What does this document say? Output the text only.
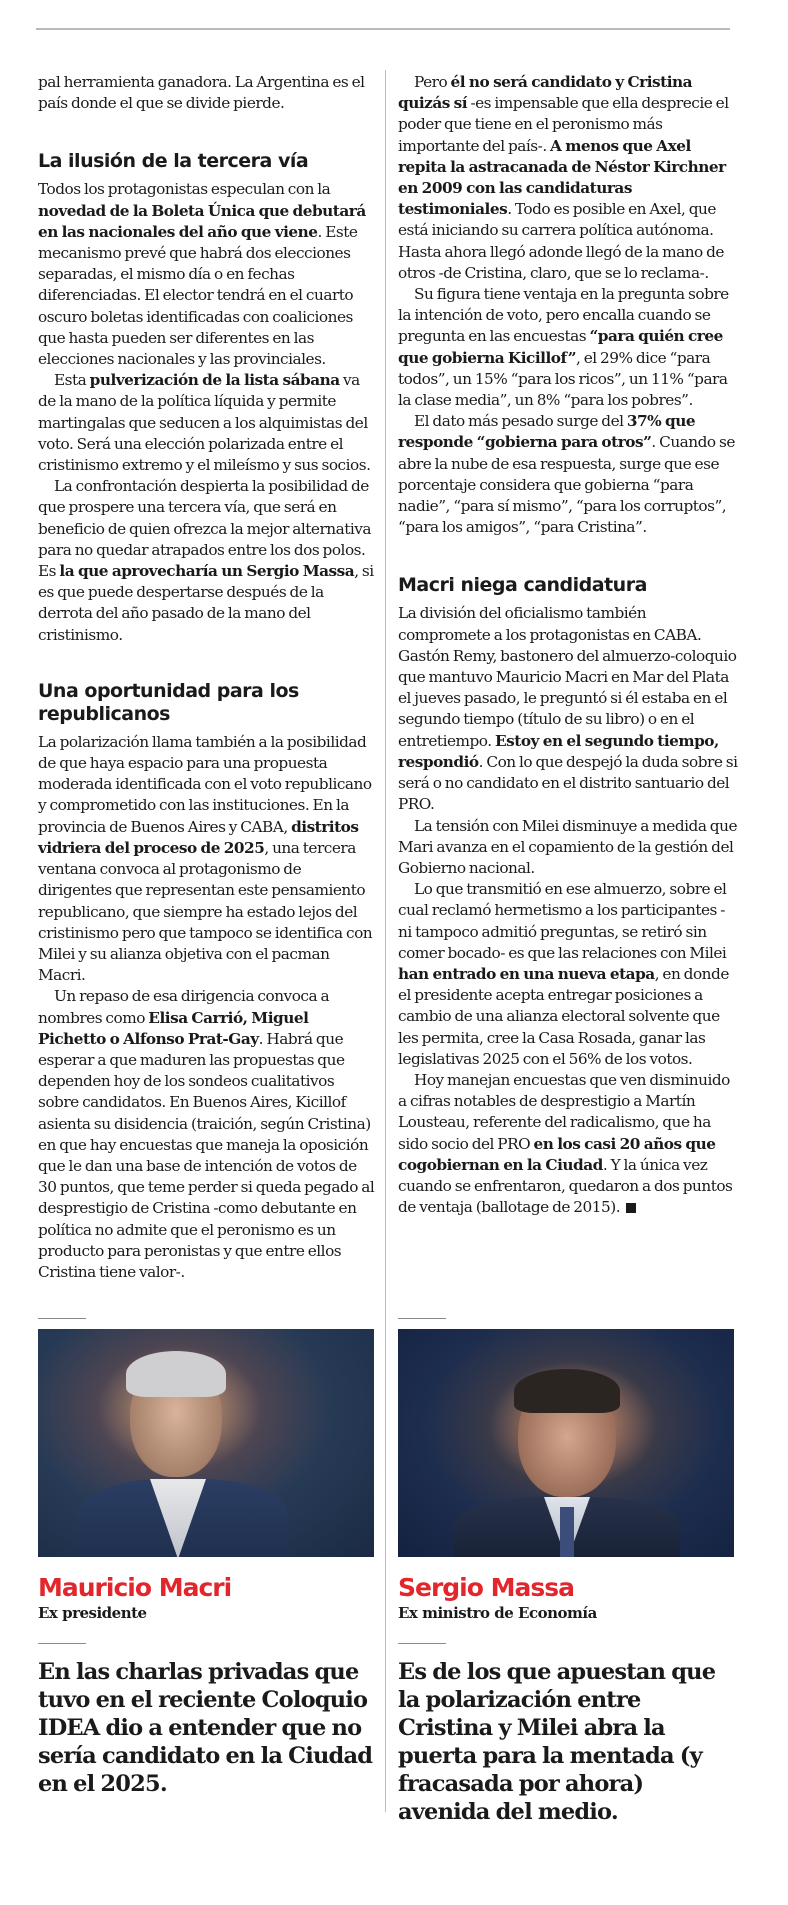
pal herramienta ganadora. La Argentina es el país donde el que se divide pierde.

La ilusión de la tercera vía

Todos los protagonistas especulan con la novedad de la Boleta Única que debutará en las nacionales del año que viene. Este mecanismo prevé que habrá dos elecciones separadas, el mismo día o en fechas diferenciadas. El elector tendrá en el cuarto oscuro boletas identificadas con coaliciones que hasta pueden ser diferentes en las elecciones nacionales y las provinciales.

Esta pulverización de la lista sábana va de la mano de la política líquida y permite martingalas que seducen a los alquimistas del voto. Será una elección polarizada entre el cristinismo extremo y el mileísmo y sus socios.

La confrontación despierta la posibilidad de que prospere una tercera vía, que será en beneficio de quien ofrezca la mejor alternativa para no quedar atrapados entre los dos polos.

Es la que aprovecharía un Sergio Massa, si es que puede despertarse después de la derrota del año pasado de la mano del cristinismo.

Una oportunidad para los republicanos

La polarización llama también a la posibilidad de que haya espacio para una propuesta moderada identificada con el voto republicano y comprometido con las instituciones. En la provincia de Buenos Aires y CABA, distritos vidriera del proceso de 2025, una tercera ventana convoca al protagonismo de dirigentes que representan este pensamiento republicano, que siempre ha estado lejos del cristinismo pero que tampoco se identifica con Milei y su alianza objetiva con el pacman Macri.

Un repaso de esa dirigencia convoca a nombres como Elisa Carrió, Miguel Pichetto o Alfonso Prat-Gay. Habrá que esperar a que maduren las propuestas que dependen hoy de los sondeos cualitativos sobre candidatos. En Buenos Aires, Kicillof asienta su disidencia (traición, según Cristina) en que hay encuestas que maneja la oposición que le dan una base de intención de votos de 30 puntos, que teme perder si queda pegado al desprestigio de Cristina -como debutante en política no admite que el peronismo es un producto para peronistas y que entre ellos Cristina tiene valor-.

Pero él no será candidato y Cristina quizás sí -es impensable que ella desprecie el poder que tiene en el peronismo más importante del país-. A menos que Axel repita la astracanada de Néstor Kirchner en 2009 con las candidaturas testimoniales. Todo es posible en Axel, que está iniciando su carrera política autónoma. Hasta ahora llegó adonde llegó de la mano de otros -de Cristina, claro, que se lo reclama-.

Su figura tiene ventaja en la pregunta sobre la intención de voto, pero encalla cuando se pregunta en las encuestas “para quién cree que gobierna Kicillof”, el 29% dice “para todos”, un 15% “para los ricos”, un 11% “para la clase media”, un 8% “para los pobres”.

El dato más pesado surge del 37% que responde “gobierna para otros”. Cuando se abre la nube de esa respuesta, surge que ese porcentaje considera que gobierna “para nadie”, “para sí mismo”, “para los corruptos”, “para los amigos”, “para Cristina”.

Macri niega candidatura

La división del oficialismo también compromete a los protagonistas en CABA. Gastón Remy, bastonero del almuerzo-coloquio que mantuvo Mauricio Macri en Mar del Plata el jueves pasado, le preguntó si él estaba en el segundo tiempo (título de su libro) o en el entretiempo. Estoy en el segundo tiempo, respondió. Con lo que despejó la duda sobre si será o no candidato en el distrito santuario del PRO.

La tensión con Milei disminuye a medida que Mari avanza en el copamiento de la gestión del Gobierno nacional.

Lo que transmitió en ese almuerzo, sobre el cual reclamó hermetismo a los participantes -ni tampoco admitió preguntas, se retiró sin comer bocado- es que las relaciones con Milei han entrado en una nueva etapa, en donde el presidente acepta entregar posiciones a cambio de una alianza electoral solvente que les permita, cree la Casa Rosada, ganar las legislativas 2025 con el 56% de los votos.

Hoy manejan encuestas que ven disminuido a cifras notables de desprestigio a Martín Lousteau, referente del radicalismo, que ha sido socio del PRO en los casi 20 años que cogobiernan en la Ciudad. Y la única vez cuando se enfrentaron, quedaron a dos puntos de ventaja (ballotage de 2015).

Mauricio Macri
Ex presidente
En las charlas privadas que tuvo en el reciente Coloquio IDEA dio a entender que no sería candidato en la Ciudad en el 2025.
Sergio Massa
Ex ministro de Economía
Es de los que apuestan que la polarización entre Cristina y Milei abra la puerta para la mentada (y fracasada por ahora) avenida del medio.
